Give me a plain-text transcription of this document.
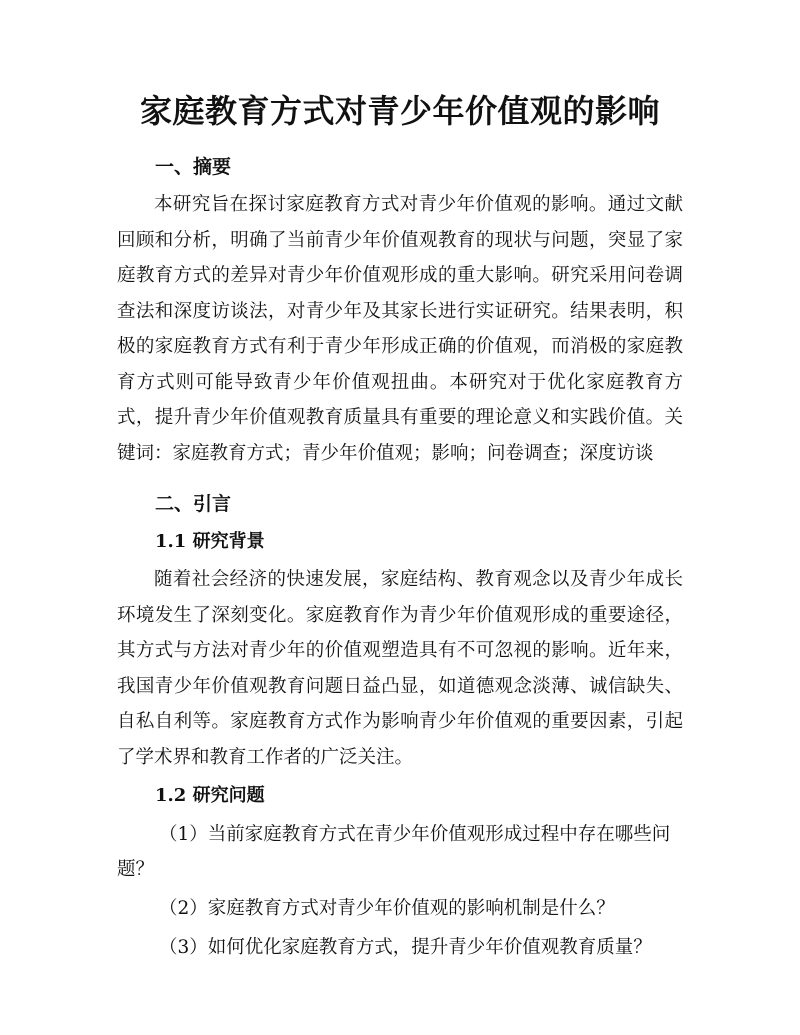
家庭教育方式对青少年价值观的影响
一、摘要

本研究旨在探讨家庭教育方式对青少年价值观的影响。通过文献回顾和分析，明确了当前青少年价值观教育的现状与问题，突显了家庭教育方式的差异对青少年价值观形成的重大影响。研究采用问卷调查法和深度访谈法，对青少年及其家长进行实证研究。结果表明，积极的家庭教育方式有利于青少年形成正确的价值观，而消极的家庭教育方式则可能导致青少年价值观扭曲。本研究对于优化家庭教育方式，提升青少年价值观教育质量具有重要的理论意义和实践价值。关键词：家庭教育方式；青少年价值观；影响；问卷调查；深度访谈

二、引言
1.1 研究背景

随着社会经济的快速发展，家庭结构、教育观念以及青少年成长环境发生了深刻变化。家庭教育作为青少年价值观形成的重要途径，其方式与方法对青少年的价值观塑造具有不可忽视的影响。近年来，我国青少年价值观教育问题日益凸显，如道德观念淡薄、诚信缺失、自私自利等。家庭教育方式作为影响青少年价值观的重要因素，引起了学术界和教育工作者的广泛关注。

1.2 研究问题

（1）当前家庭教育方式在青少年价值观形成过程中存在哪些问题？

（2）家庭教育方式对青少年价值观的影响机制是什么？

（3）如何优化家庭教育方式，提升青少年价值观教育质量？
